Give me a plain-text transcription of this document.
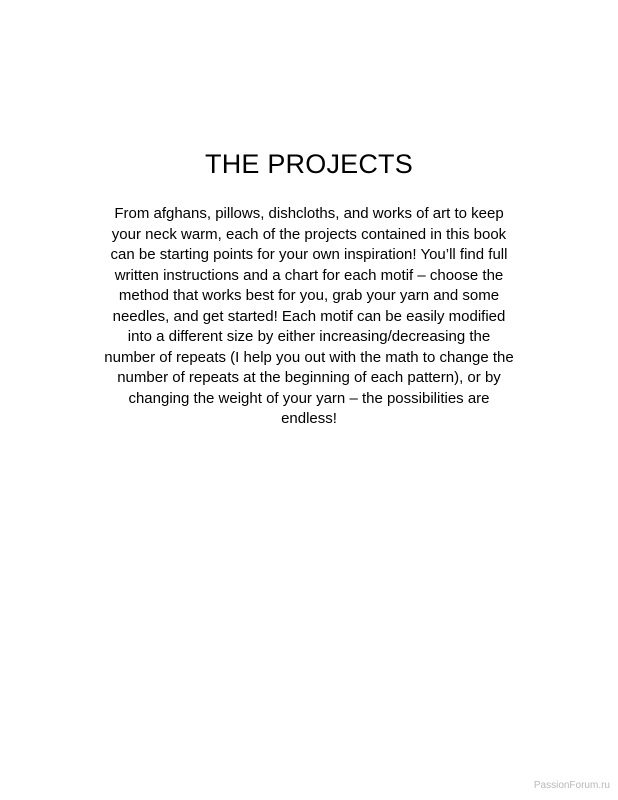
THE PROJECTS

From afghans, pillows, dishcloths, and works of art to keep
your neck warm, each of the projects contained in this book
can be starting points for your own inspiration! You’ll find full
written instructions and a chart for each motif – choose the
method that works best for you, grab your yarn and some
needles, and get started! Each motif can be easily modified
into a different size by either increasing/decreasing the
number of repeats (I help you out with the math to change the
number of repeats at the beginning of each pattern), or by
changing the weight of your yarn – the possibilities are
endless!

PassionForum.ru
